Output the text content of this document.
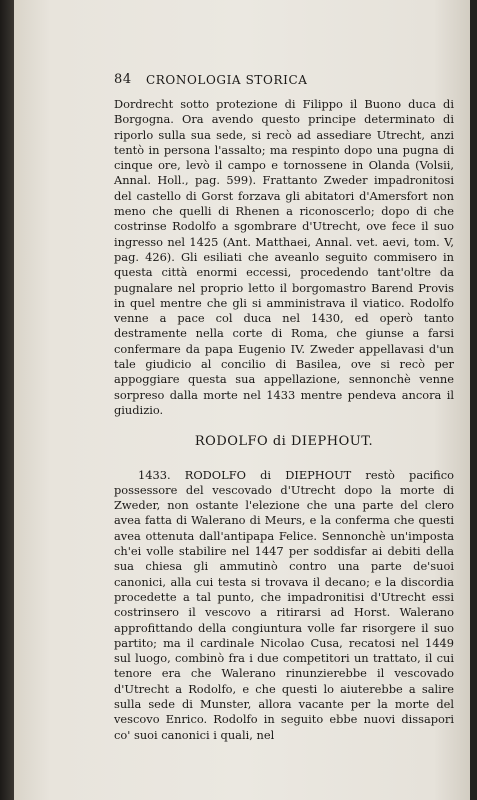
84 CRONOLOGIA STORICA

Dordrecht sotto protezione di Filippo il Buono duca di Borgogna. Ora avendo questo principe determinato di riporlo sulla sua sede, si recò ad assediare Utrecht, anzi tentò in persona l'assalto; ma respinto dopo una pugna di cinque ore, levò il campo e tornossene in Olanda (Volsii, Annal. Holl., pag. 599). Frattanto Zweder impadronitosi del castello di Gorst forzava gli abitatori d'Amersfort non meno che quelli di Rhenen a riconoscerlo; dopo di che costrinse Rodolfo a sgombrare d'Utrecht, ove fece il suo ingresso nel 1425 (Ant. Matthaei, Annal. vet. aevi, tom. V, pag. 426). Gli esiliati che aveanlo seguito commisero in questa città enormi eccessi, procedendo tant'oltre da pugnalare nel proprio letto il borgomastro Barend Provis in quel mentre che gli si amministrava il viatico. Rodolfo venne a pace col duca nel 1430, ed operò tanto destramente nella corte di Roma, che giunse a farsi confermare da papa Eugenio IV. Zweder appellavasi d'un tale giudicio al concilio di Basilea, ove si recò per appoggiare questa sua appellazione, sennonchè venne sorpreso dalla morte nel 1433 mentre pendeva ancora il giudizio.

RODOLFO di DIEPHOUT.

1433. RODOLFO di DIEPHOUT restò pacifico possessore del vescovado d'Utrecht dopo la morte di Zweder, non ostante l'elezione che una parte del clero avea fatta di Walerano di Meurs, e la conferma che questi avea ottenuta dall'antipapa Felice. Sennonchè un'imposta ch'ei volle stabilire nel 1447 per soddisfar ai debiti della sua chiesa gli ammutinò contro una parte de'suoi canonici, alla cui testa si trovava il decano; e la discordia procedette a tal punto, che impadronitisi d'Utrecht essi costrinsero il vescovo a ritirarsi ad Horst. Walerano approfittando della congiuntura volle far risorgere il suo partito; ma il cardinale Nicolao Cusa, recatosi nel 1449 sul luogo, combinò fra i due competitori un trattato, il cui tenore era che Walerano rinunzierebbe il vescovado d'Utrecht a Rodolfo, e che questi lo aiuterebbe a salire sulla sede di Munster, allora vacante per la morte del vescovo Enrico. Rodolfo in seguito ebbe nuovi dissapori co' suoi canonici i quali, nel
